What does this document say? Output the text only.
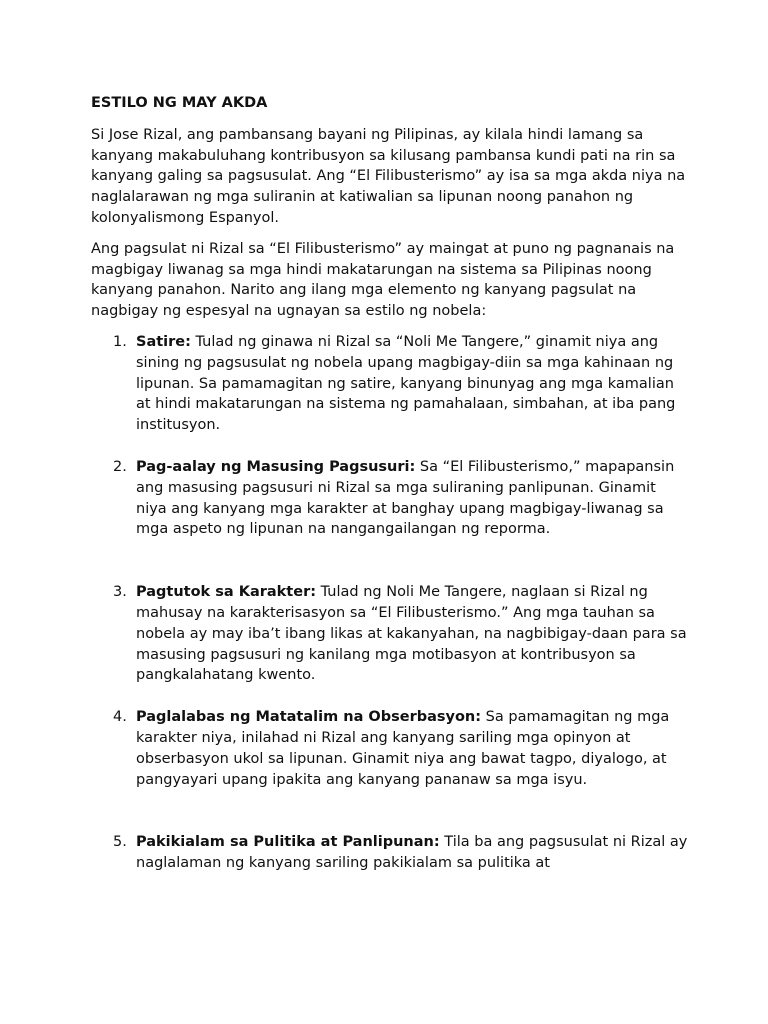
ESTILO NG MAY AKDA

Si Jose Rizal, ang pambansang bayani ng Pilipinas, ay kilala hindi lamang sa kanyang makabuluhang kontribusyon sa kilusang pambansa kundi pati na rin sa kanyang galing sa pagsusulat. Ang “El Filibusterismo” ay isa sa mga akda niya na naglalarawan ng mga suliranin at katiwalian sa lipunan noong panahon ng kolonyalismong Espanyol.

Ang pagsulat ni Rizal sa “El Filibusterismo” ay maingat at puno ng pagnanais na magbigay liwanag sa mga hindi makatarungan na sistema sa Pilipinas noong kanyang panahon. Narito ang ilang mga elemento ng kanyang pagsulat na nagbigay ng espesyal na ugnayan sa estilo ng nobela:

1. Satire: Tulad ng ginawa ni Rizal sa “Noli Me Tangere,” ginamit niya ang sining ng pagsusulat ng nobela upang magbigay-diin sa mga kahinaan ng lipunan. Sa pamamagitan ng satire, kanyang binunyag ang mga kamalian at hindi makatarungan na sistema ng pamahalaan, simbahan, at iba pang institusyon.
2. Pag-aalay ng Masusing Pagsusuri: Sa “El Filibusterismo,” mapapansin ang masusing pagsusuri ni Rizal sa mga suliraning panlipunan. Ginamit niya ang kanyang mga karakter at banghay upang magbigay-liwanag sa mga aspeto ng lipunan na nangangailangan ng reporma.
3. Pagtutok sa Karakter: Tulad ng Noli Me Tangere, naglaan si Rizal ng mahusay na karakterisasyon sa “El Filibusterismo.” Ang mga tauhan sa nobela ay may iba’t ibang likas at kakanyahan, na nagbibigay-daan para sa masusing pagsusuri ng kanilang mga motibasyon at kontribusyon sa pangkalahatang kwento.
4. Paglalabas ng Matatalim na Obserbasyon: Sa pamamagitan ng mga karakter niya, inilahad ni Rizal ang kanyang sariling mga opinyon at obserbasyon ukol sa lipunan. Ginamit niya ang bawat tagpo, diyalogo, at pangyayari upang ipakita ang kanyang pananaw sa mga isyu.
5. Pakikialam sa Pulitika at Panlipunan: Tila ba ang pagsusulat ni Rizal ay naglalaman ng kanyang sariling pakikialam sa pulitika at
